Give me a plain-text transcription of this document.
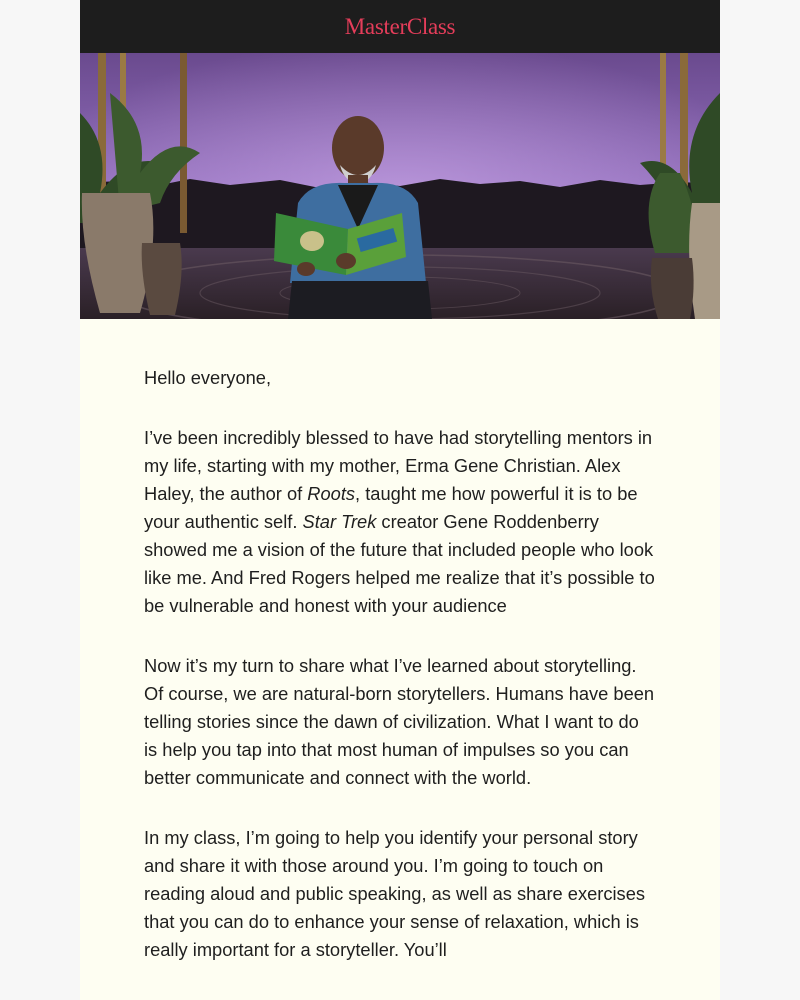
MasterClass

Hello everyone,

I’ve been incredibly blessed to have had storytelling mentors in my life, starting with my mother, Erma Gene Christian. Alex Haley, the author of Roots, taught me how powerful it is to be your authentic self. Star Trek creator Gene Roddenberry showed me a vision of the future that included people who look like me. And Fred Rogers helped me realize that it’s possible to be vulnerable and honest with your audience

Now it’s my turn to share what I’ve learned about storytelling. Of course, we are natural-born storytellers. Humans have been telling stories since the dawn of civilization. What I want to do is help you tap into that most human of impulses so you can better communicate and connect with the world.

In my class, I’m going to help you identify your personal story and share it with those around you. I’m going to touch on reading aloud and public speaking, as well as share exercises that you can do to enhance your sense of relaxation, which is really important for a storyteller. You’ll
